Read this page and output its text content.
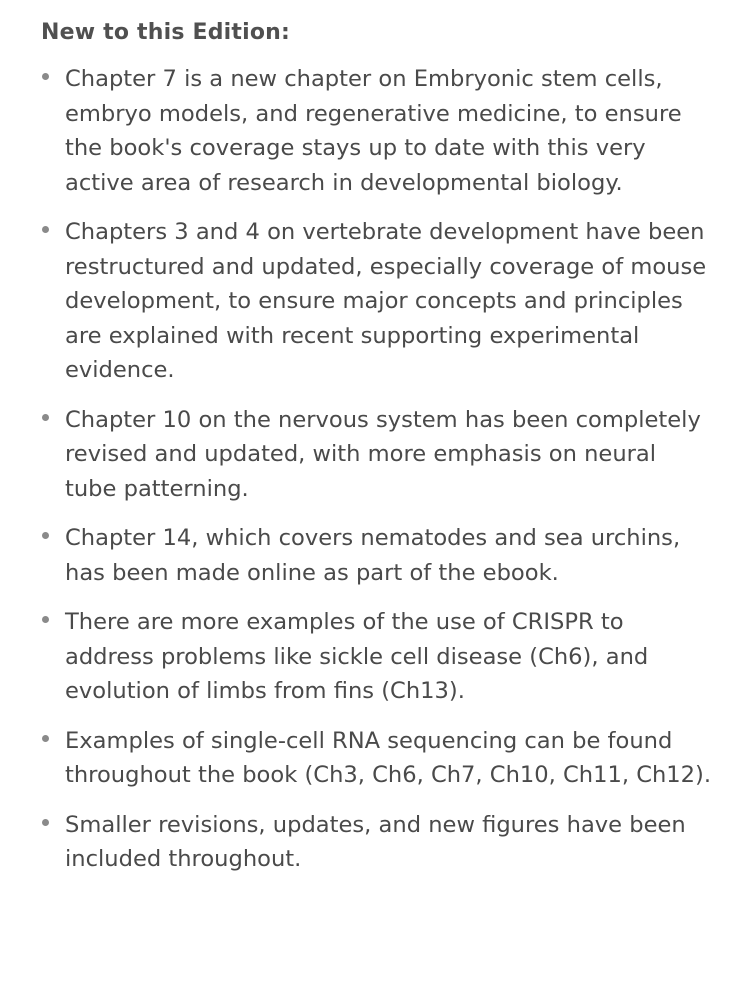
New to this Edition:
Chapter 7 is a new chapter on Embryonic stem cells, embryo models, and regenerative medicine, to ensure the book's coverage stays up to date with this very active area of research in developmental biology.
Chapters 3 and 4 on vertebrate development have been restructured and updated, especially coverage of mouse development, to ensure major concepts and principles are explained with recent supporting experimental evidence.
Chapter 10 on the nervous system has been completely revised and updated, with more emphasis on neural tube patterning.
Chapter 14, which covers nematodes and sea urchins, has been made online as part of the ebook.
There are more examples of the use of CRISPR to address problems like sickle cell disease (Ch6), and evolution of limbs from fins (Ch13).
Examples of single-cell RNA sequencing can be found throughout the book (Ch3, Ch6, Ch7, Ch10, Ch11, Ch12).
Smaller revisions, updates, and new figures have been included throughout.
